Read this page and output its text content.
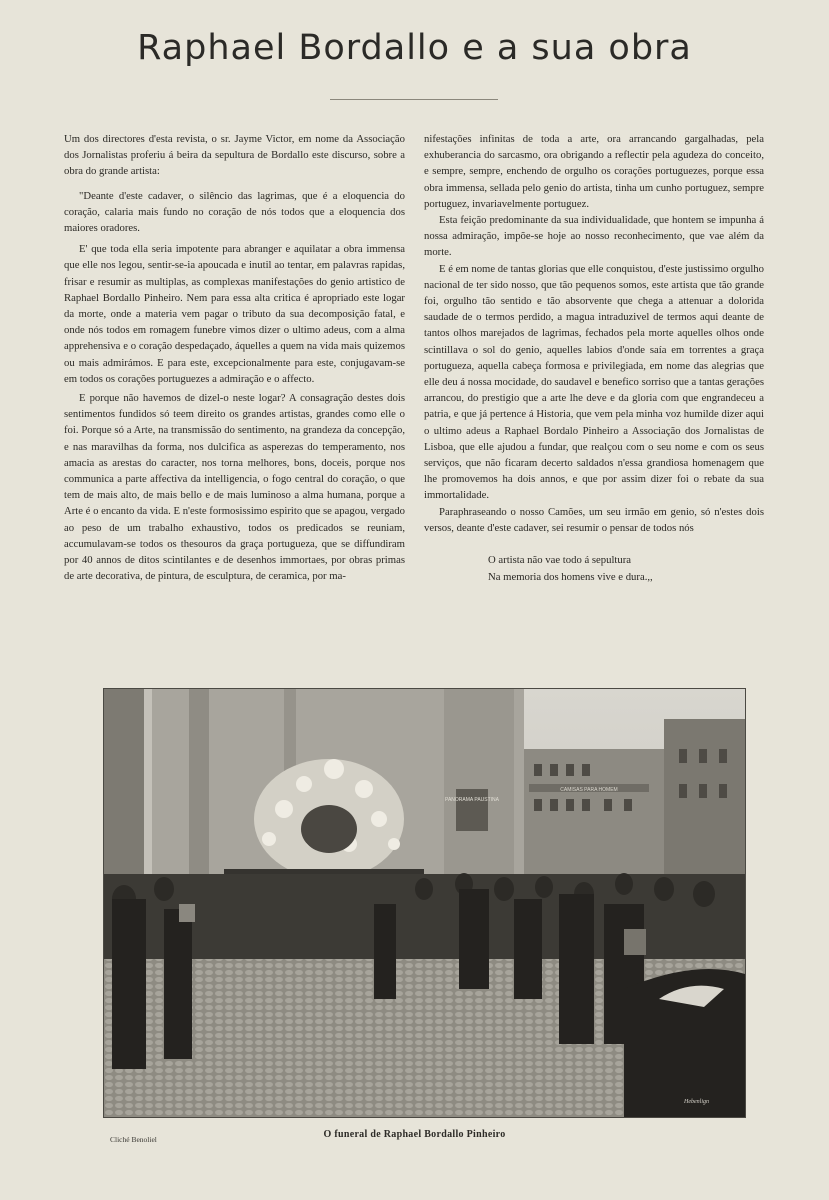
Raphael Bordallo e a sua obra

Um dos directores d'esta revista, o sr. Jayme Victor, em nome da Associação dos Jornalistas proferiu á beira da sepultura de Bordallo este discurso, sobre a obra do grande artista:

"Deante d'este cadaver, o silêncio das lagrimas, que é a eloquencia do coração, calaria mais fundo no coração de nós todos que a eloquencia dos maiores oradores.

E' que toda ella seria impotente para abranger e aquilatar a obra immensa que elle nos legou, sentir-se-ia apoucada e inutil ao tentar, em palavras rapidas, frisar e resumir as multiplas, as complexas manifestações do genio artistico de Raphael Bordallo Pinheiro. Nem para essa alta critica é apropriado este logar da morte, onde a materia vem pagar o tributo da sua decomposição fatal, e onde nós todos em romagem funebre vimos dizer o ultimo adeus, com a alma apprehensiva e o coração despedaçado, áquelles a quem na vida mais quizemos ou mais admirámos. E para este, excepcionalmente para este, conjugavam-se em todos os corações portuguezes a admiração e o affecto.

E porque não havemos de dizel-o neste logar? A consagração destes dois sentimentos fundidos só teem direito os grandes artistas, grandes como elle o foi. Porque só a Arte, na transmissão do sentimento, na grandeza da concepção, e nas maravilhas da forma, nos dulcifica as asperezas do temperamento, nos amacia as arestas do caracter, nos torna melhores, bons, doceis, porque nos communica a parte affectiva da intelligencia, o fogo central do coração, o que tem de mais alto, de mais bello e de mais luminoso a alma humana, porque a Arte é o encanto da vida. E n'este formosissimo espirito que se apagou, vergado ao peso de um trabalho exhaustivo, todos os predicados se reuniam, accumulavam-se todos os thesouros da graça portugueza, que se diffundiram por 40 annos de ditos scintilantes e de desenhos immortaes, por obras primas de arte decorativa, de pintura, de esculptura, de ceramica, por ma-

nifestações infinitas de toda a arte, ora arrancando gargalhadas, pela exhuberancia do sarcasmo, ora obrigando a reflectir pela agudeza do conceito, e sempre, sempre, enchendo de orgulho os corações portuguezes, porque essa obra immensa, sellada pelo genio do artista, tinha um cunho portuguez, sempre portuguez, invariavelmente portuguez.

Esta feição predominante da sua individualidade, que hontem se impunha á nossa admiração, impõe-se hoje ao nosso reconhecimento, que vae além da morte.

E é em nome de tantas glorias que elle conquistou, d'este justissimo orgulho nacional de ter sido nosso, que tão pequenos somos, este artista que tão grande foi, orgulho tão sentido e tão absorvente que chega a attenuar a dolorida saudade de o termos perdido, a magua intraduzivel de termos aqui deante de tantos olhos marejados de lagrimas, fechados pela morte aquelles olhos onde scintillava o sol do genio, aquelles labios d'onde saía em torrentes a graça portugueza, aquella cabeça formosa e privilegiada, em nome das alegrias que elle deu á nossa mocidade, do saudavel e benefico sorriso que a tantas gerações arrancou, do prestigio que a arte lhe deve e da gloria com que engrandeceu a patria, e que já pertence á Historia, que vem pela minha voz humilde dizer aqui o ultimo adeus a Raphael Bordalo Pinheiro a Associação dos Jornalistas de Lisboa, que elle ajudou a fundar, que realçou com o seu nome e com os seus serviços, que não ficaram decerto saldados n'essa grandiosa homenagem que lhe promovemos ha dois annos, e que por assim dizer foi o rebate da sua immortalidade.

Paraphraseando o nosso Camões, um seu irmão em genio, só n'estes dois versos, deante d'este cadaver, sei resumir o pensar de todos nós

O artista não vae todo á sepultura
Na memoria dos homens vive e dura.,,
PANORAMA PAUSTINA
CAMISAS PARA HOMEM
Hebenlign
Cliché Benoliel	O funeral de Raphael Bordallo Pinheiro
